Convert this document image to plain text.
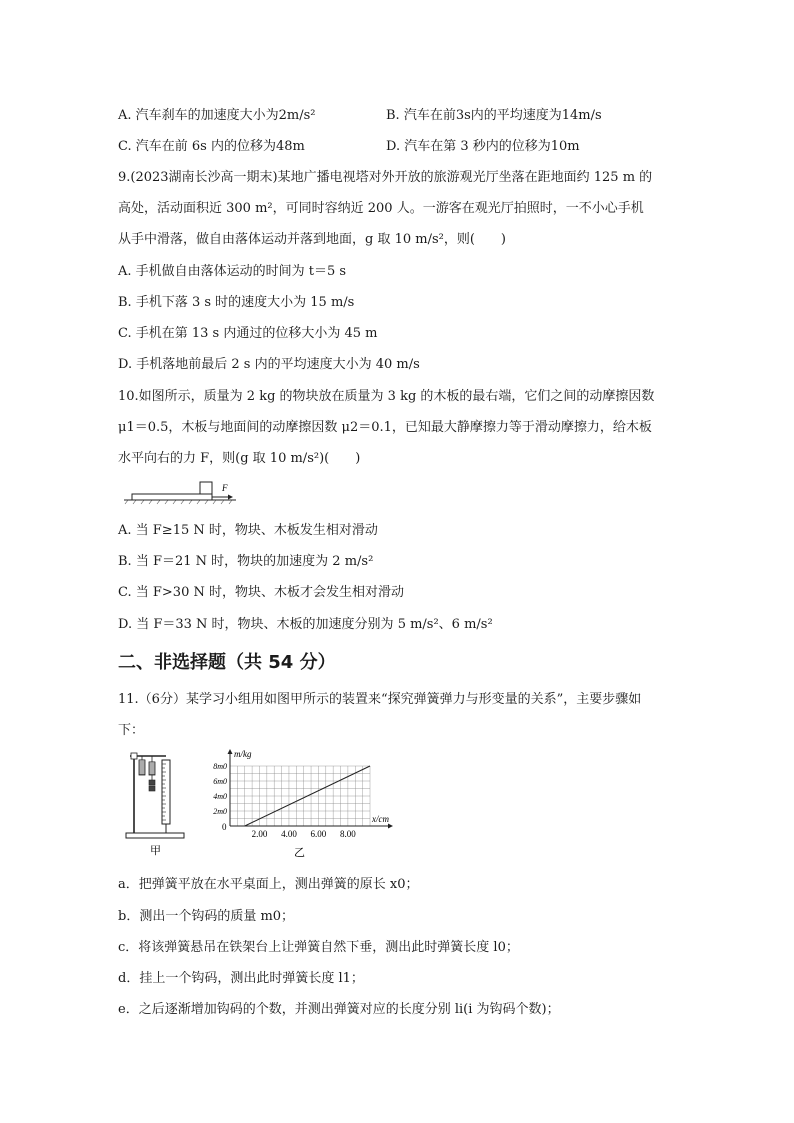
A. 汽车刹车的加速度大小为2m/s²	B. 汽车在前3s内的平均速度为14m/s
C. 汽车在前 6s 内的位移为48m	D. 汽车在第 3 秒内的位移为10m
9.(2023湖南长沙高一期末)某地广播电视塔对外开放的旅游观光厅坐落在距地面约 125 m 的
高处，活动面积近 300 m²，可同时容纳近 200 人。一游客在观光厅拍照时，一不小心手机
从手中滑落，做自由落体运动并落到地面，g 取 10 m/s²，则(　　)
A. 手机做自由落体运动的时间为 t＝5 s
B. 手机下落 3 s 时的速度大小为 15 m/s
C. 手机在第 13 s 内通过的位移大小为 45 m
D. 手机落地前最后 2 s 内的平均速度大小为 40 m/s
10.如图所示，质量为 2 kg 的物块放在质量为 3 kg 的木板的最右端，它们之间的动摩擦因数
μ1＝0.5，木板与地面间的动摩擦因数 μ2＝0.1，已知最大静摩擦力等于滑动摩擦力，给木板
水平向右的力 F，则(g 取 10 m/s²)(　　)
F
A. 当 F≥15 N 时，物块、木板发生相对滑动
B. 当 F＝21 N 时，物块的加速度为 2 m/s²
C. 当 F>30 N 时，物块、木板才会发生相对滑动
D. 当 F＝33 N 时，物块、木板的加速度分别为 5 m/s²、6 m/s²
二、非选择题（共 54 分）
11.（6分）某学习小组用如图甲所示的装置来“探究弹簧弹力与形变量的关系”，主要步骤如
下：
甲
2.00 4.00 6.00 8.00
2m0
4m0
6m0
8m0
m/kg
x/cm
0
乙
a．把弹簧平放在水平桌面上，测出弹簧的原长 x0；
b．测出一个钩码的质量 m0；
c．将该弹簧悬吊在铁架台上让弹簧自然下垂，测出此时弹簧长度 l0；
d．挂上一个钩码，测出此时弹簧长度 l1；
e．之后逐渐增加钩码的个数，并测出弹簧对应的长度分别 li(i 为钩码个数)；
